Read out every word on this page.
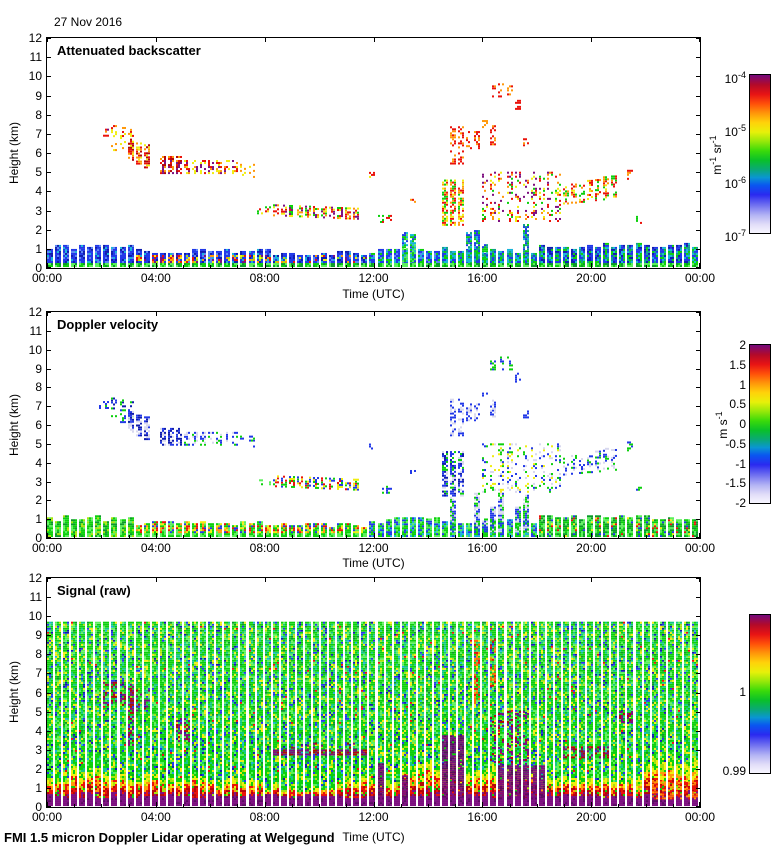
27 Nov 2016
Attenuated backscatter
Doppler velocity
Signal (raw)
Height (km)
Height (km)
Height (km)
Time (UTC)
Time (UTC)
Time (UTC)
$m^{-1}$ $sr^{-1}$
m $s^{-1}$
FMI 1.5 micron Doppler Lidar operating at Welgegund
00:00	04:00	08:00	12:00	16:00	20:00	00:00
0
1
2
3
4
5
6
7
8
9
10
11
12
$10^{-4}$
$10^{-5}$
$10^{-6}$
$10^{-7}$
00:00	04:00	08:00	12:00	16:00	20:00	00:00
0
1
2
3
4
5
6
7
8
9
10
11
12
2
1.5
1
0.5
0
-0.5
-1
-1.5
-2
00:00	04:00	08:00	12:00	16:00	20:00	00:00
0
1
2
3
4
5
6
7
8
9
10
11
12
1
0.99
